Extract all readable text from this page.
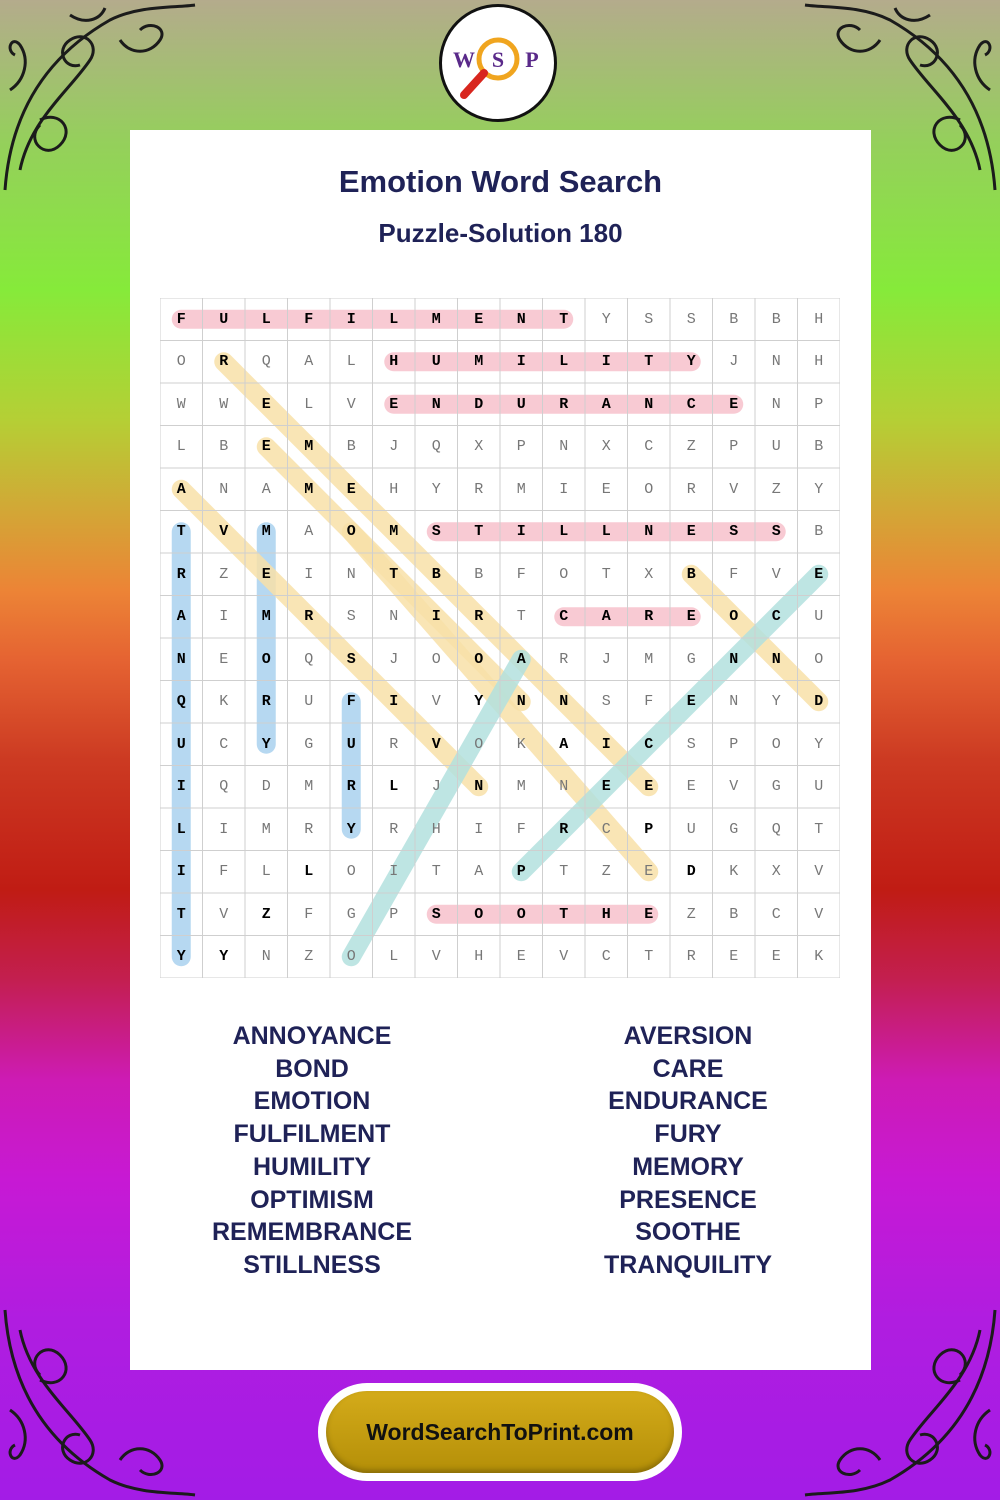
W S P
Emotion Word Search
Puzzle-Solution 180
F	U	L	F	I	L	M	E	N	T	Y	S	S	B	B	H
O	R	Q	A	L	H	U	M	I	L	I	T	Y	J	N	H
W	W	E	L	V	E	N	D	U	R	A	N	C	E	N	P
L	B	E	M	B	J	Q	X	P	N	X	C	Z	P	U	B
A	N	A	M	E	H	Y	R	M	I	E	O	R	V	Z	Y
T	V	M	A	O	M	S	T	I	L	L	N	E	S	S	B
R	Z	E	I	N	T	B	B	F	O	T	X	B	F	V	E
A	I	M	R	S	N	I	R	T	C	A	R	E	O	C	U
N	E	O	Q	S	J	O	O	A	R	J	M	G	N	N	O
Q	K	R	U	F	I	V	Y	N	N	S	F	E	N	Y	D
U	C	Y	G	U	R	V	O	K	A	I	C	S	P	O	Y
I	Q	D	M	R	L	J	N	M	N	E	E	E	V	G	U
L	I	M	R	Y	R	H	I	F	R	C	P	U	G	Q	T
I	F	L	L	O	I	T	A	P	T	Z	E	D	K	X	V
T	V	Z	F	G	P	S	O	O	T	H	E	Z	B	C	V
Y	Y	N	Z	O	L	V	H	E	V	C	T	R	E	E	K
ANNOYANCE
BOND
EMOTION
FULFILMENT
HUMILITY
OPTIMISM
REMEMBRANCE
STILLNESS
AVERSION
CARE
ENDURANCE
FURY
MEMORY
PRESENCE
SOOTHE
TRANQUILITY
WordSearchToPrint.com
